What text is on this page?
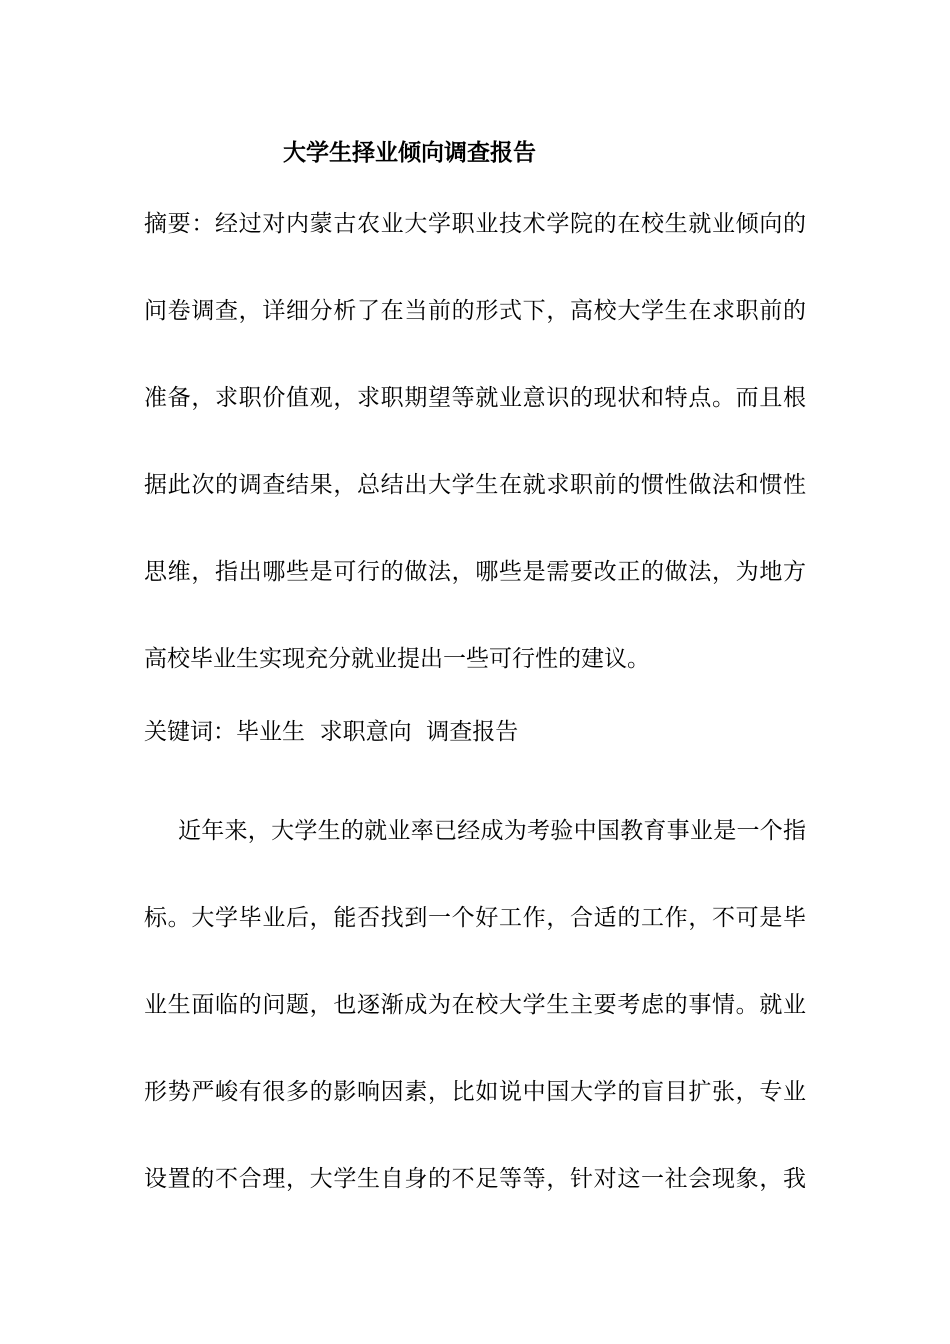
大学生择业倾向调查报告
摘要：经过对内蒙古农业大学职业技术学院的在校生就业倾向的
问卷调查，详细分析了在当前的形式下，高校大学生在求职前的
准备，求职价值观，求职期望等就业意识的现状和特点。而且根
据此次的调查结果，总结出大学生在就求职前的惯性做法和惯性
思维，指出哪些是可行的做法，哪些是需要改正的做法，为地方
高校毕业生实现充分就业提出一些可行性的建议。
关键词：毕业生  求职意向  调查报告
近年来，大学生的就业率已经成为考验中国教育事业是一个指
标。大学毕业后，能否找到一个好工作，合适的工作，不可是毕
业生面临的问题，也逐渐成为在校大学生主要考虑的事情。就业
形势严峻有很多的影响因素，比如说中国大学的盲目扩张，专业
设置的不合理，大学生自身的不足等等，针对这一社会现象，我
